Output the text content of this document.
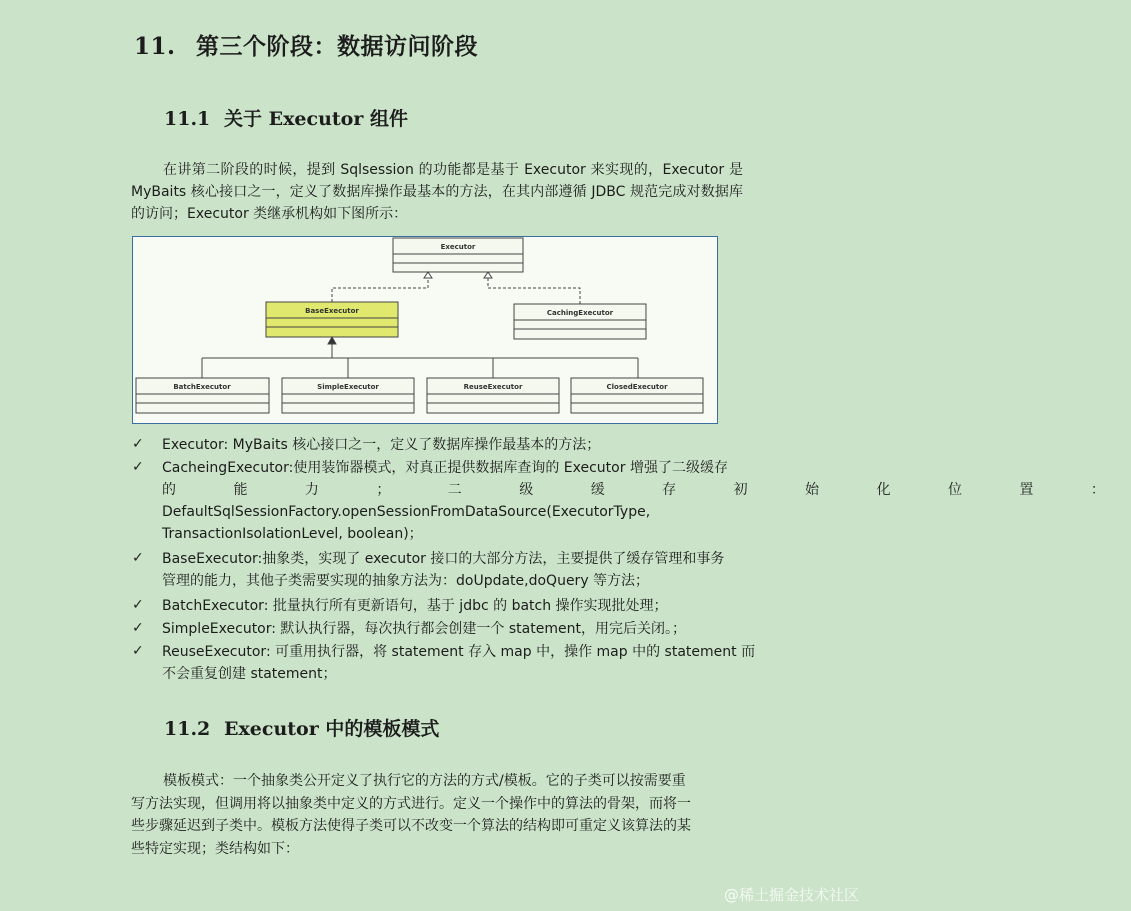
11. 第三个阶段：数据访问阶段
11.1 关于 Executor 组件

在讲第二阶段的时候，提到 Sqlsession 的功能都是基于 Executor 来实现的，Executor 是 MyBaits 核心接口之一，定义了数据库操作最基本的方法，在其内部遵循 JDBC 规范完成对数据库的访问；Executor 类继承机构如下图所示：

Executor
BaseExecutor	CachingExecutor
BatchExecutor	SimpleExecutor	ReuseExecutor	ClosedExecutor
✓ Executor: MyBaits 核心接口之一，定义了数据库操作最基本的方法；
✓ CacheingExecutor:使用装饰器模式，对真正提供数据库查询的 Executor 增强了二级缓存
的 能 力 ； 二 级 缓 存 初 始 化 位 置 ：
DefaultSqlSessionFactory.openSessionFromDataSource(ExecutorType,
TransactionIsolationLevel, boolean)；
✓ BaseExecutor:抽象类，实现了 executor 接口的大部分方法，主要提供了缓存管理和事务
管理的能力，其他子类需要实现的抽象方法为：doUpdate,doQuery 等方法；
✓ BatchExecutor: 批量执行所有更新语句，基于 jdbc 的 batch 操作实现批处理；
✓ SimpleExecutor: 默认执行器，每次执行都会创建一个 statement，用完后关闭。；
✓ ReuseExecutor: 可重用执行器，将 statement 存入 map 中，操作 map 中的 statement 而
不会重复创建 statement；
11.2 Executor 中的模板模式
模板模式：一个抽象类公开定义了执行它的方法的方式/模板。它的子类可以按需要重
写方法实现，但调用将以抽象类中定义的方式进行。定义一个操作中的算法的骨架，而将一
些步骤延迟到子类中。模板方法使得子类可以不改变一个算法的结构即可重定义该算法的某
些特定实现；类结构如下：
@稀土掘金技术社区
